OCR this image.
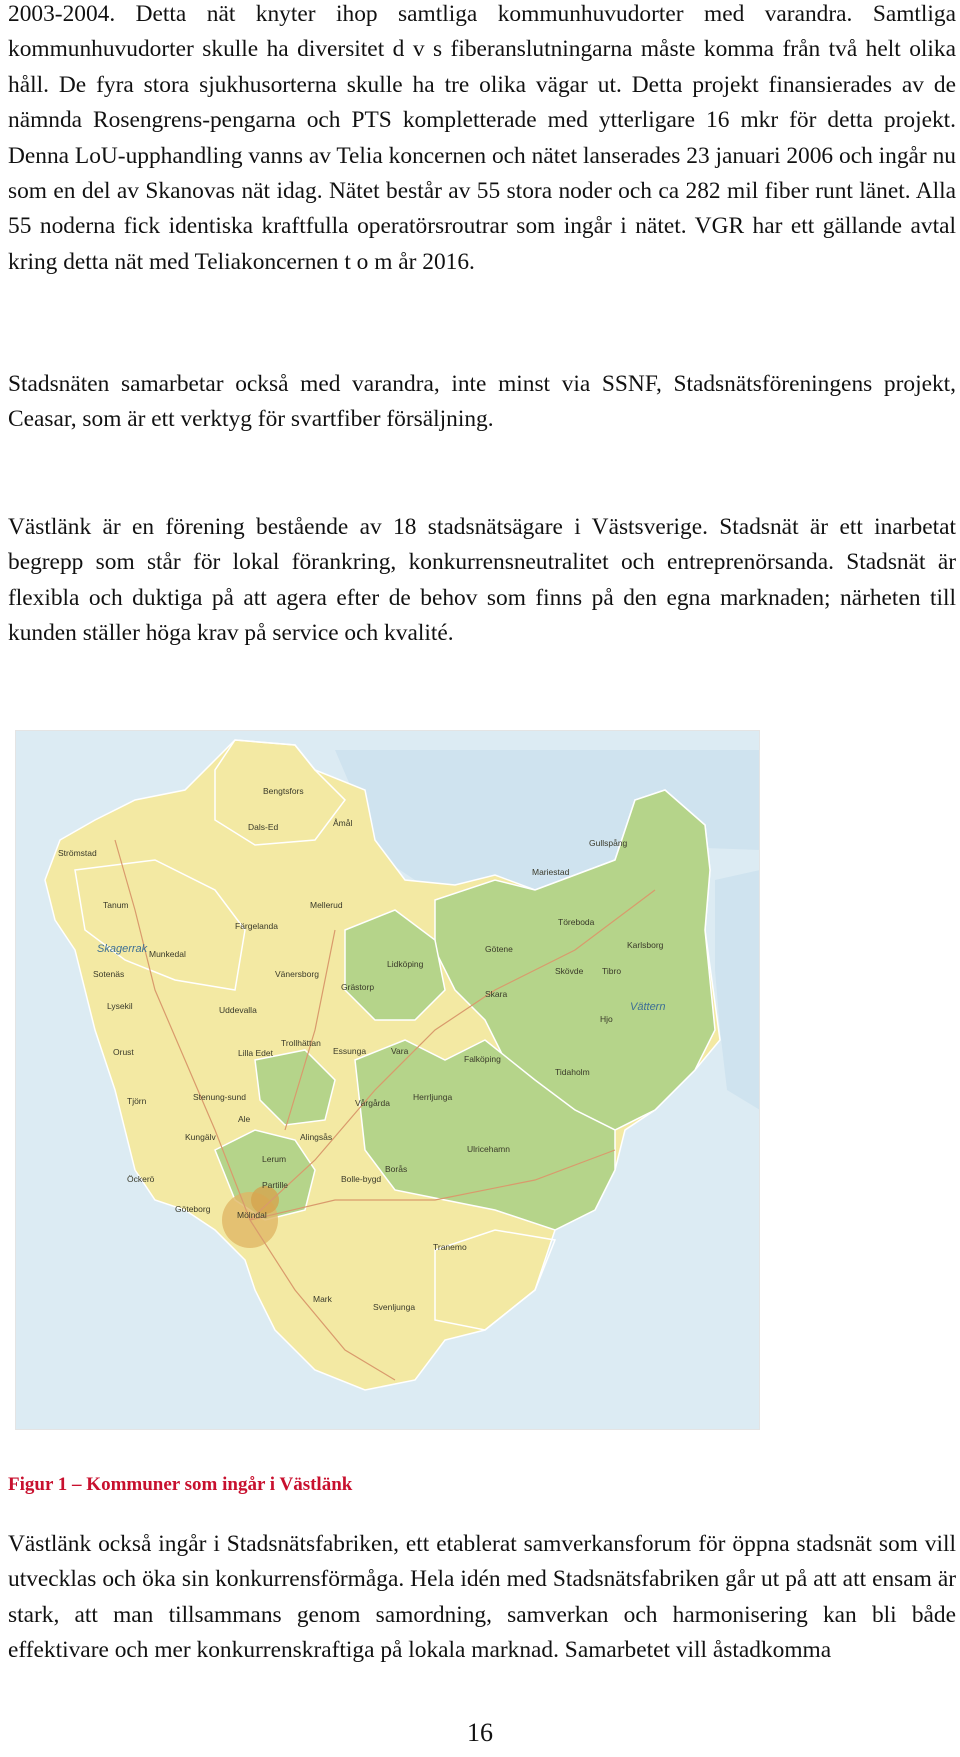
2003-2004. Detta nät knyter ihop samtliga kommunhuvudorter med varandra. Samtliga kommunhuvudorter skulle ha diversitet d v s fiberanslutningarna måste komma från två helt olika håll. De fyra stora sjukhusorterna skulle ha tre olika vägar ut. Detta projekt finansierades av de nämnda Rosengrens-pengarna och PTS kompletterade med ytterligare 16 mkr för detta projekt. Denna LoU-upphandling vanns av Telia koncernen och nätet lanserades 23 januari 2006 och ingår nu som en del av Skanovas nät idag. Nätet består av 55 stora noder och ca 282 mil fiber runt länet. Alla 55 noderna fick identiska kraftfulla operatörsroutrar som ingår i nätet. VGR har ett gällande avtal kring detta nät med Teliakoncernen t o m år 2016.

Stadsnäten samarbetar också med varandra, inte minst via SSNF, Stadsnätsföreningens projekt, Ceasar, som är ett verktyg för svartfiber försäljning.

Västlänk är en förening bestående av 18 stadsnätsägare i Västsverige. Stadsnät är ett inarbetat begrepp som står för lokal förankring, konkurrensneutralitet och entreprenörsanda. Stadsnät är flexibla och duktiga på att agera efter de behov som finns på den egna marknaden; närheten till kunden ställer höga krav på service och kvalité.

Bengtsfors
Åmål
Dals-Ed
Strömstad
Gullspång
Mariestad
Tanum	Mellerud
Färgelanda	Töreboda
Skagerrak Munkedal
Karlsborg
Götene
Sotenäs	Vänersborg
Lidköping
Skövde Tibro
Grästorp
Lysekil	Uddevalla
Skara
Vättern
Hjo
Trollhättan
Essunga	Vara
Orust	Lilla Edet
Falköping
Tidaholm
Tjörn	Stenung-sund	Herrljunga
Vårgårda
Ale
Kungälv	Alingsås
Ulricehamn
Lerum
Öckerö
Partille
Bolle-bygd
Borås
Göteborg
Mölndal
Tranemo
Mark
Svenljunga

Figur 1 – Kommuner som ingår i Västlänk

Västlänk också ingår i Stadsnätsfabriken, ett etablerat samverkansforum för öppna stadsnät som vill utvecklas och öka sin konkurrensförmåga. Hela idén med Stadsnätsfabriken går ut på att att ensam är stark, att man tillsammans genom samordning, samverkan och harmonisering kan bli både effektivare och mer konkurrenskraftiga på lokala marknad. Samarbetet vill åstadkomma

16
